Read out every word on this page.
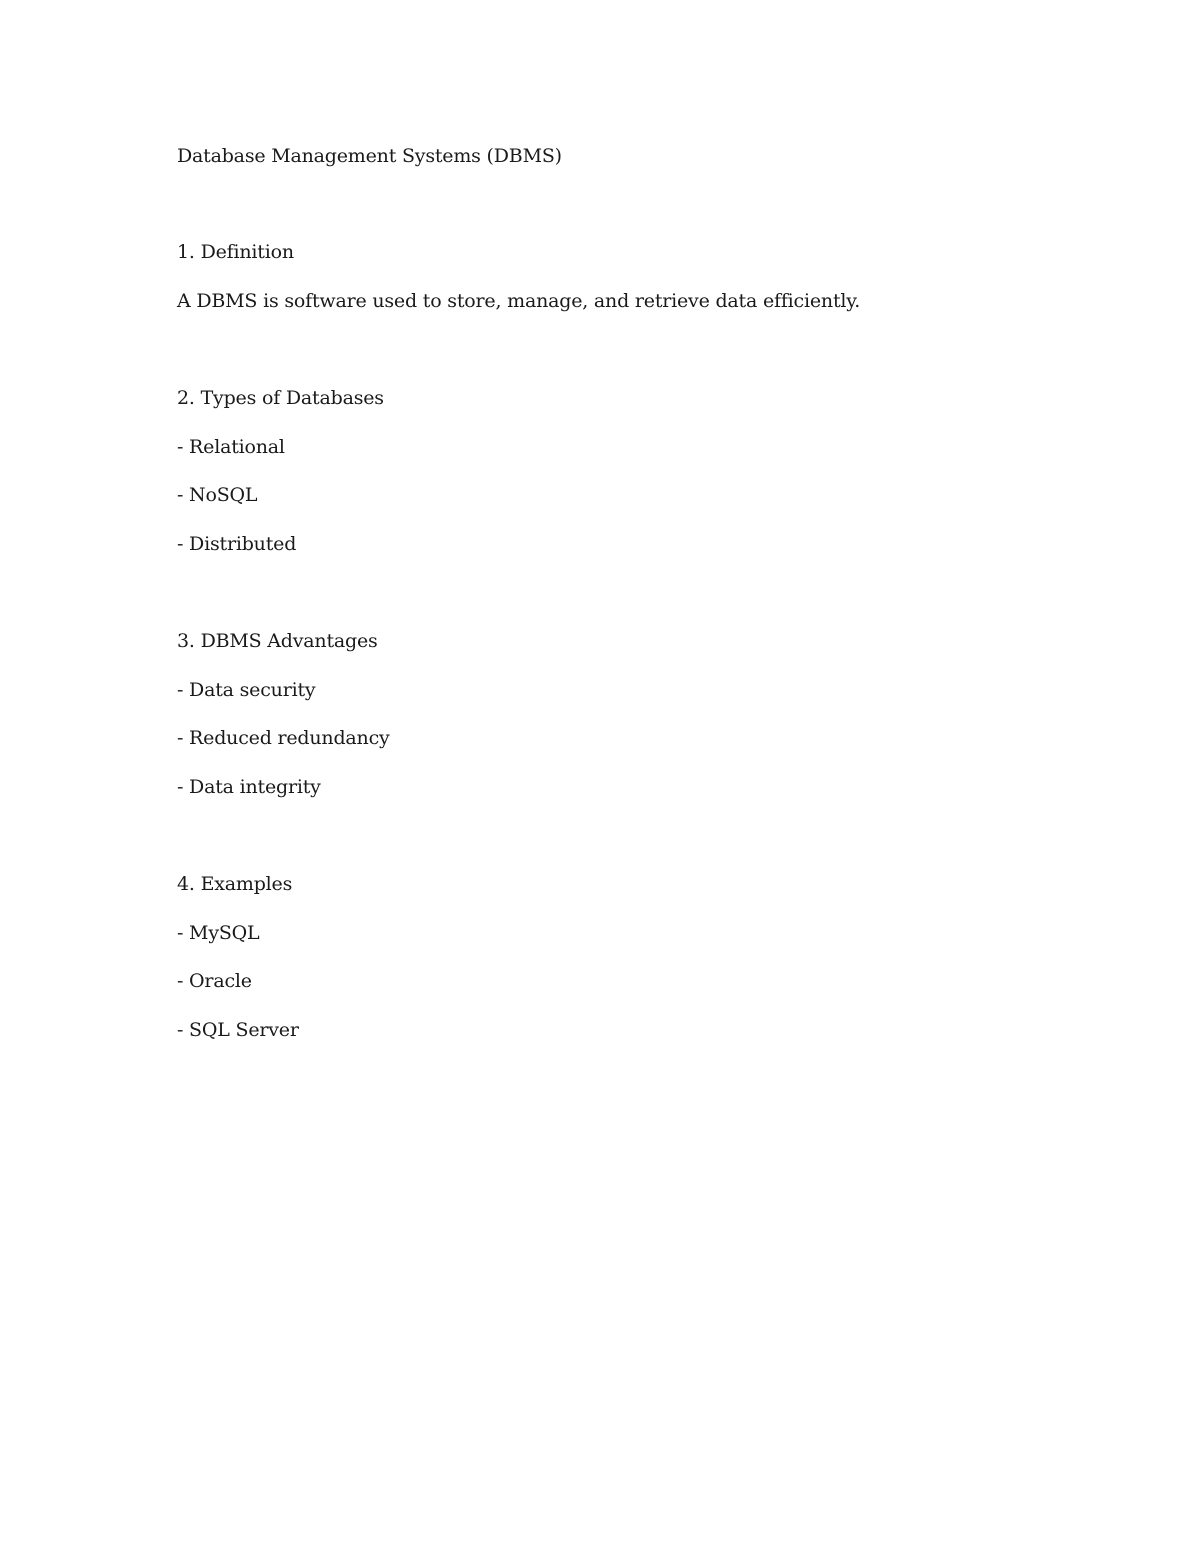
Database Management Systems (DBMS)
1. Definition
A DBMS is software used to store, manage, and retrieve data efficiently.
2. Types of Databases
- Relational
- NoSQL
- Distributed
3. DBMS Advantages
- Data security
- Reduced redundancy
- Data integrity
4. Examples
- MySQL
- Oracle
- SQL Server
